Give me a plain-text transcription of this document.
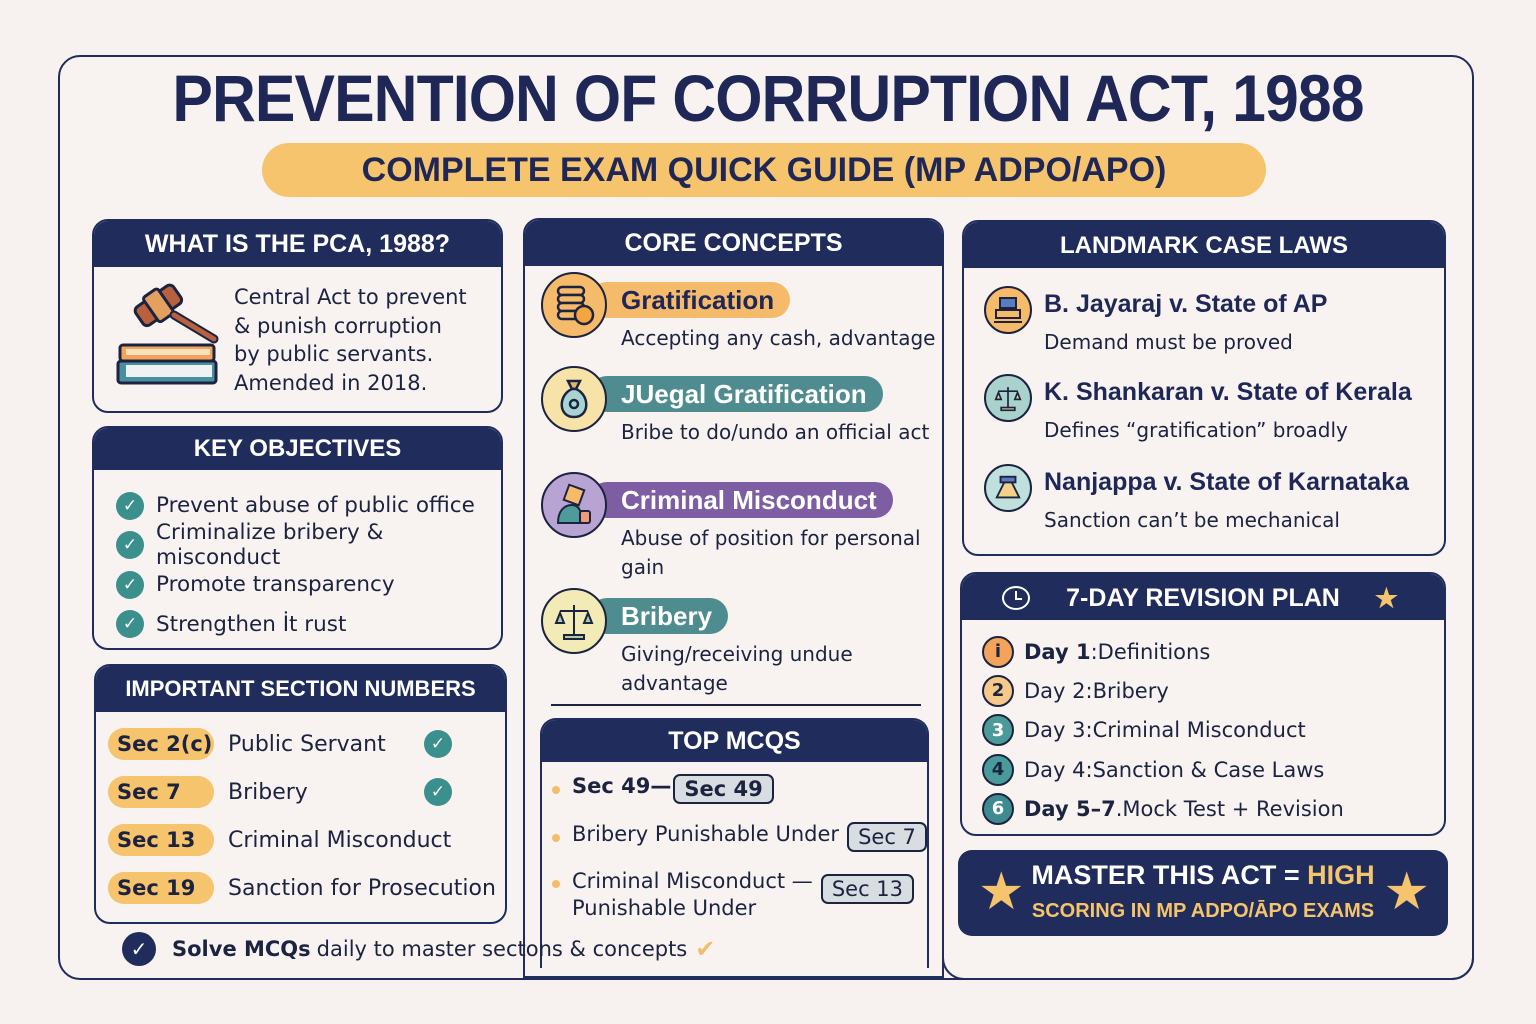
PREVENTION OF CORRUPTION ACT, 1988
COMPLETE EXAM QUICK GUIDE (MP ADPO/APO)
WHAT IS THE PCA, 1988?
Central Act to prevent
& punish corruption
by public servants.
Amended in 2018.
KEY OBJECTIVES
✓ Prevent abuse of public office
✓ Criminalize bribery & misconduct
✓ Promote transparency
✓ Strengthen İt rust
IMPORTANT SECTION NUMBERS
Sec 2(c) Public Servant	✓
Sec 7	Bribery	✓
Sec 13	Criminal Misconduct
Sec 19	Sanction for Prosecution
CORE CONCEPTS
Gratification
Accepting any cash, advantage
JUegal Gratification
Bribe to do/undo an official act
Criminal Misconduct
Abuse of position for personal gain
Bribery
Giving/receiving undue advantage
TOP MCQS
Sec 49— Sec 49
Bribery Punishable Under Sec 7
Criminal Misconduct —
Punishable Under
Sec 13
✓	Solve MCQs daily to master sectons & concepts ✔
LANDMARK CASE LAWS
B. Jayaraj v. State of AP
Demand must be proved
K. Shankaran v. State of Kerala
Defines “gratification” broadly
Nanjappa v. State of Karnataka
Sanction can’t be mechanical
7-DAY REVISION PLAN ★
i	Day 1 : Definitions
2 Day 2 : Bribery
3 Day 3 : Criminal Misconduct
4 Day 4 : Sanction & Case Laws
6 Day 5–7 . Mock Test + Revision
★ MASTER THIS ACT = HIGH
SCORING IN MP ADPO/ĀPO EXAMS ★
